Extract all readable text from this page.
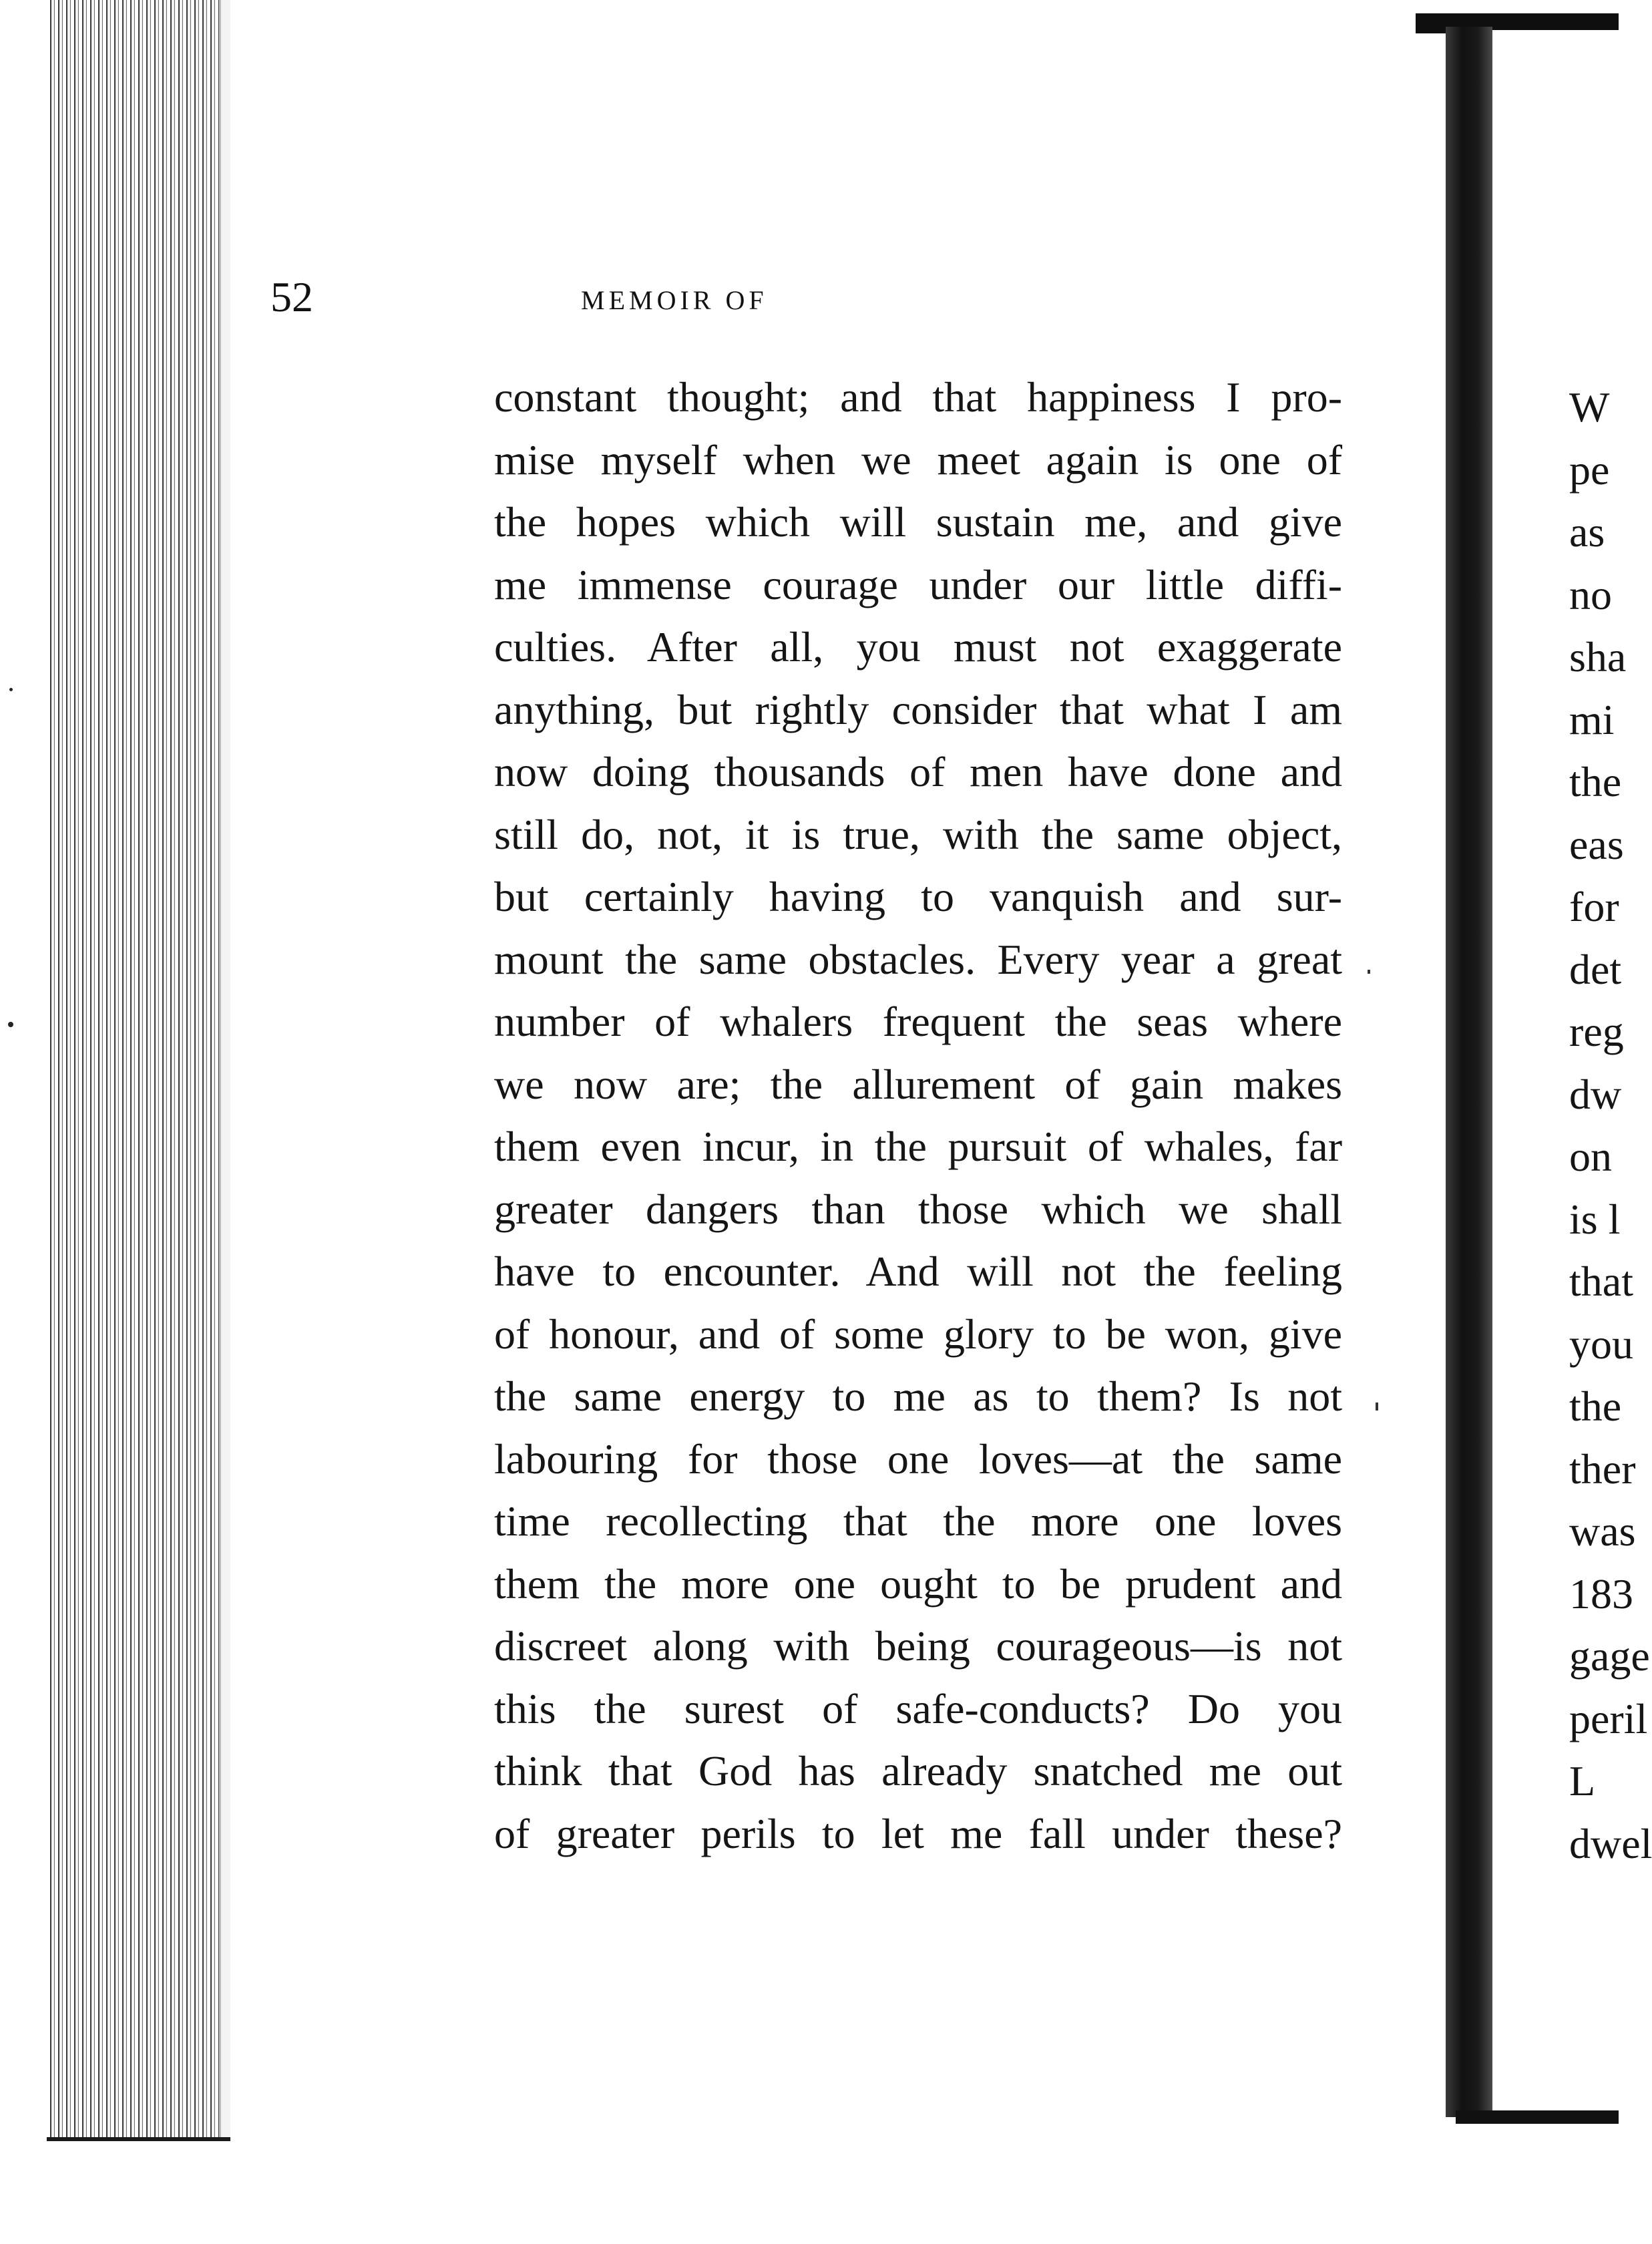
52	MEMOIR OF
constant thought; and that happiness I pro-
mise myself when we meet again is one of
the hopes which will sustain me, and give
me immense courage under our little diffi-
culties. After all, you must not exaggerate
anything, but rightly consider that what I am
now doing thousands of men have done and
still do, not, it is true, with the same object,
but certainly having to vanquish and sur-
mount the same obstacles. Every year a great
number of whalers frequent the seas where
we now are; the allurement of gain makes
them even incur, in the pursuit of whales, far
greater dangers than those which we shall
have to encounter. And will not the feeling
of honour, and of some glory to be won, give
the same energy to me as to them? Is not
labouring for those one loves—at the same
time recollecting that the more one loves
them the more one ought to be prudent and
discreet along with being courageous—is not
this the surest of safe-conducts? Do you
think that God has already snatched me out
of greater perils to let me fall under these?
W
pe
as
no
sha
mi
the
eas
for
det
reg
dw
on
is l
that
you
the
ther
was
183
gage
peril
L
dwel
